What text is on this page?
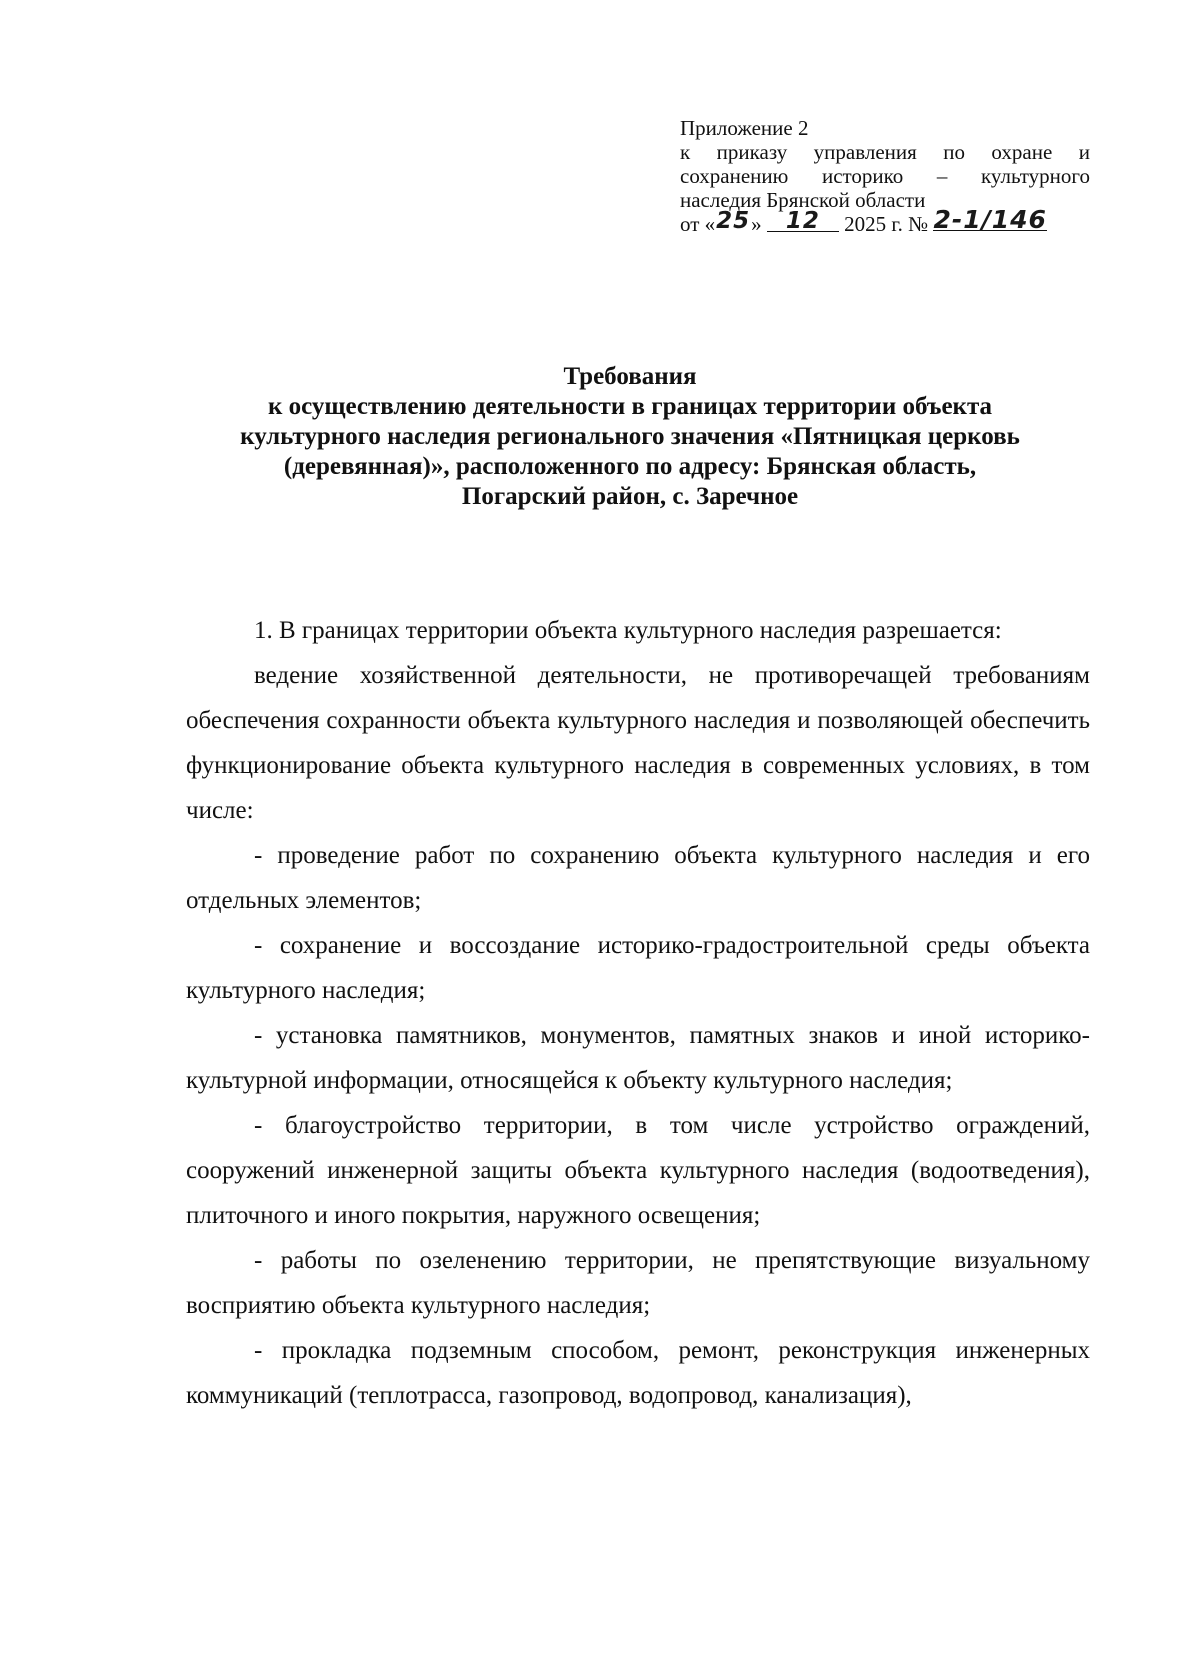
Приложение 2
к приказу управления по охране и
сохранению историко – культурного
наследия Брянской области
от «25» 12 2025 г. № 2-1/146
Требования
к осуществлению деятельности в границах территории объекта
культурного наследия регионального значения «Пятницкая церковь
(деревянная)», расположенного по адресу: Брянская область,
Погарский район, с. Заречное

1. В границах территории объекта культурного наследия разрешается:

ведение хозяйственной деятельности, не противоречащей требованиям обеспечения сохранности объекта культурного наследия и позволяющей обеспечить функционирование объекта культурного наследия в современных условиях, в том числе:

- проведение работ по сохранению объекта культурного наследия и его отдельных элементов;

- сохранение и воссоздание историко-градостроительной среды объекта культурного наследия;

- установка памятников, монументов, памятных знаков и иной историко-культурной информации, относящейся к объекту культурного наследия;

- благоустройство территории, в том числе устройство ограждений, сооружений инженерной защиты объекта культурного наследия (водоотведения), плиточного и иного покрытия, наружного освещения;

- работы по озеленению территории, не препятствующие визуальному восприятию объекта культурного наследия;

- прокладка подземным способом, ремонт, реконструкция инженерных коммуникаций (теплотрасса, газопровод, водопровод, канализация),
